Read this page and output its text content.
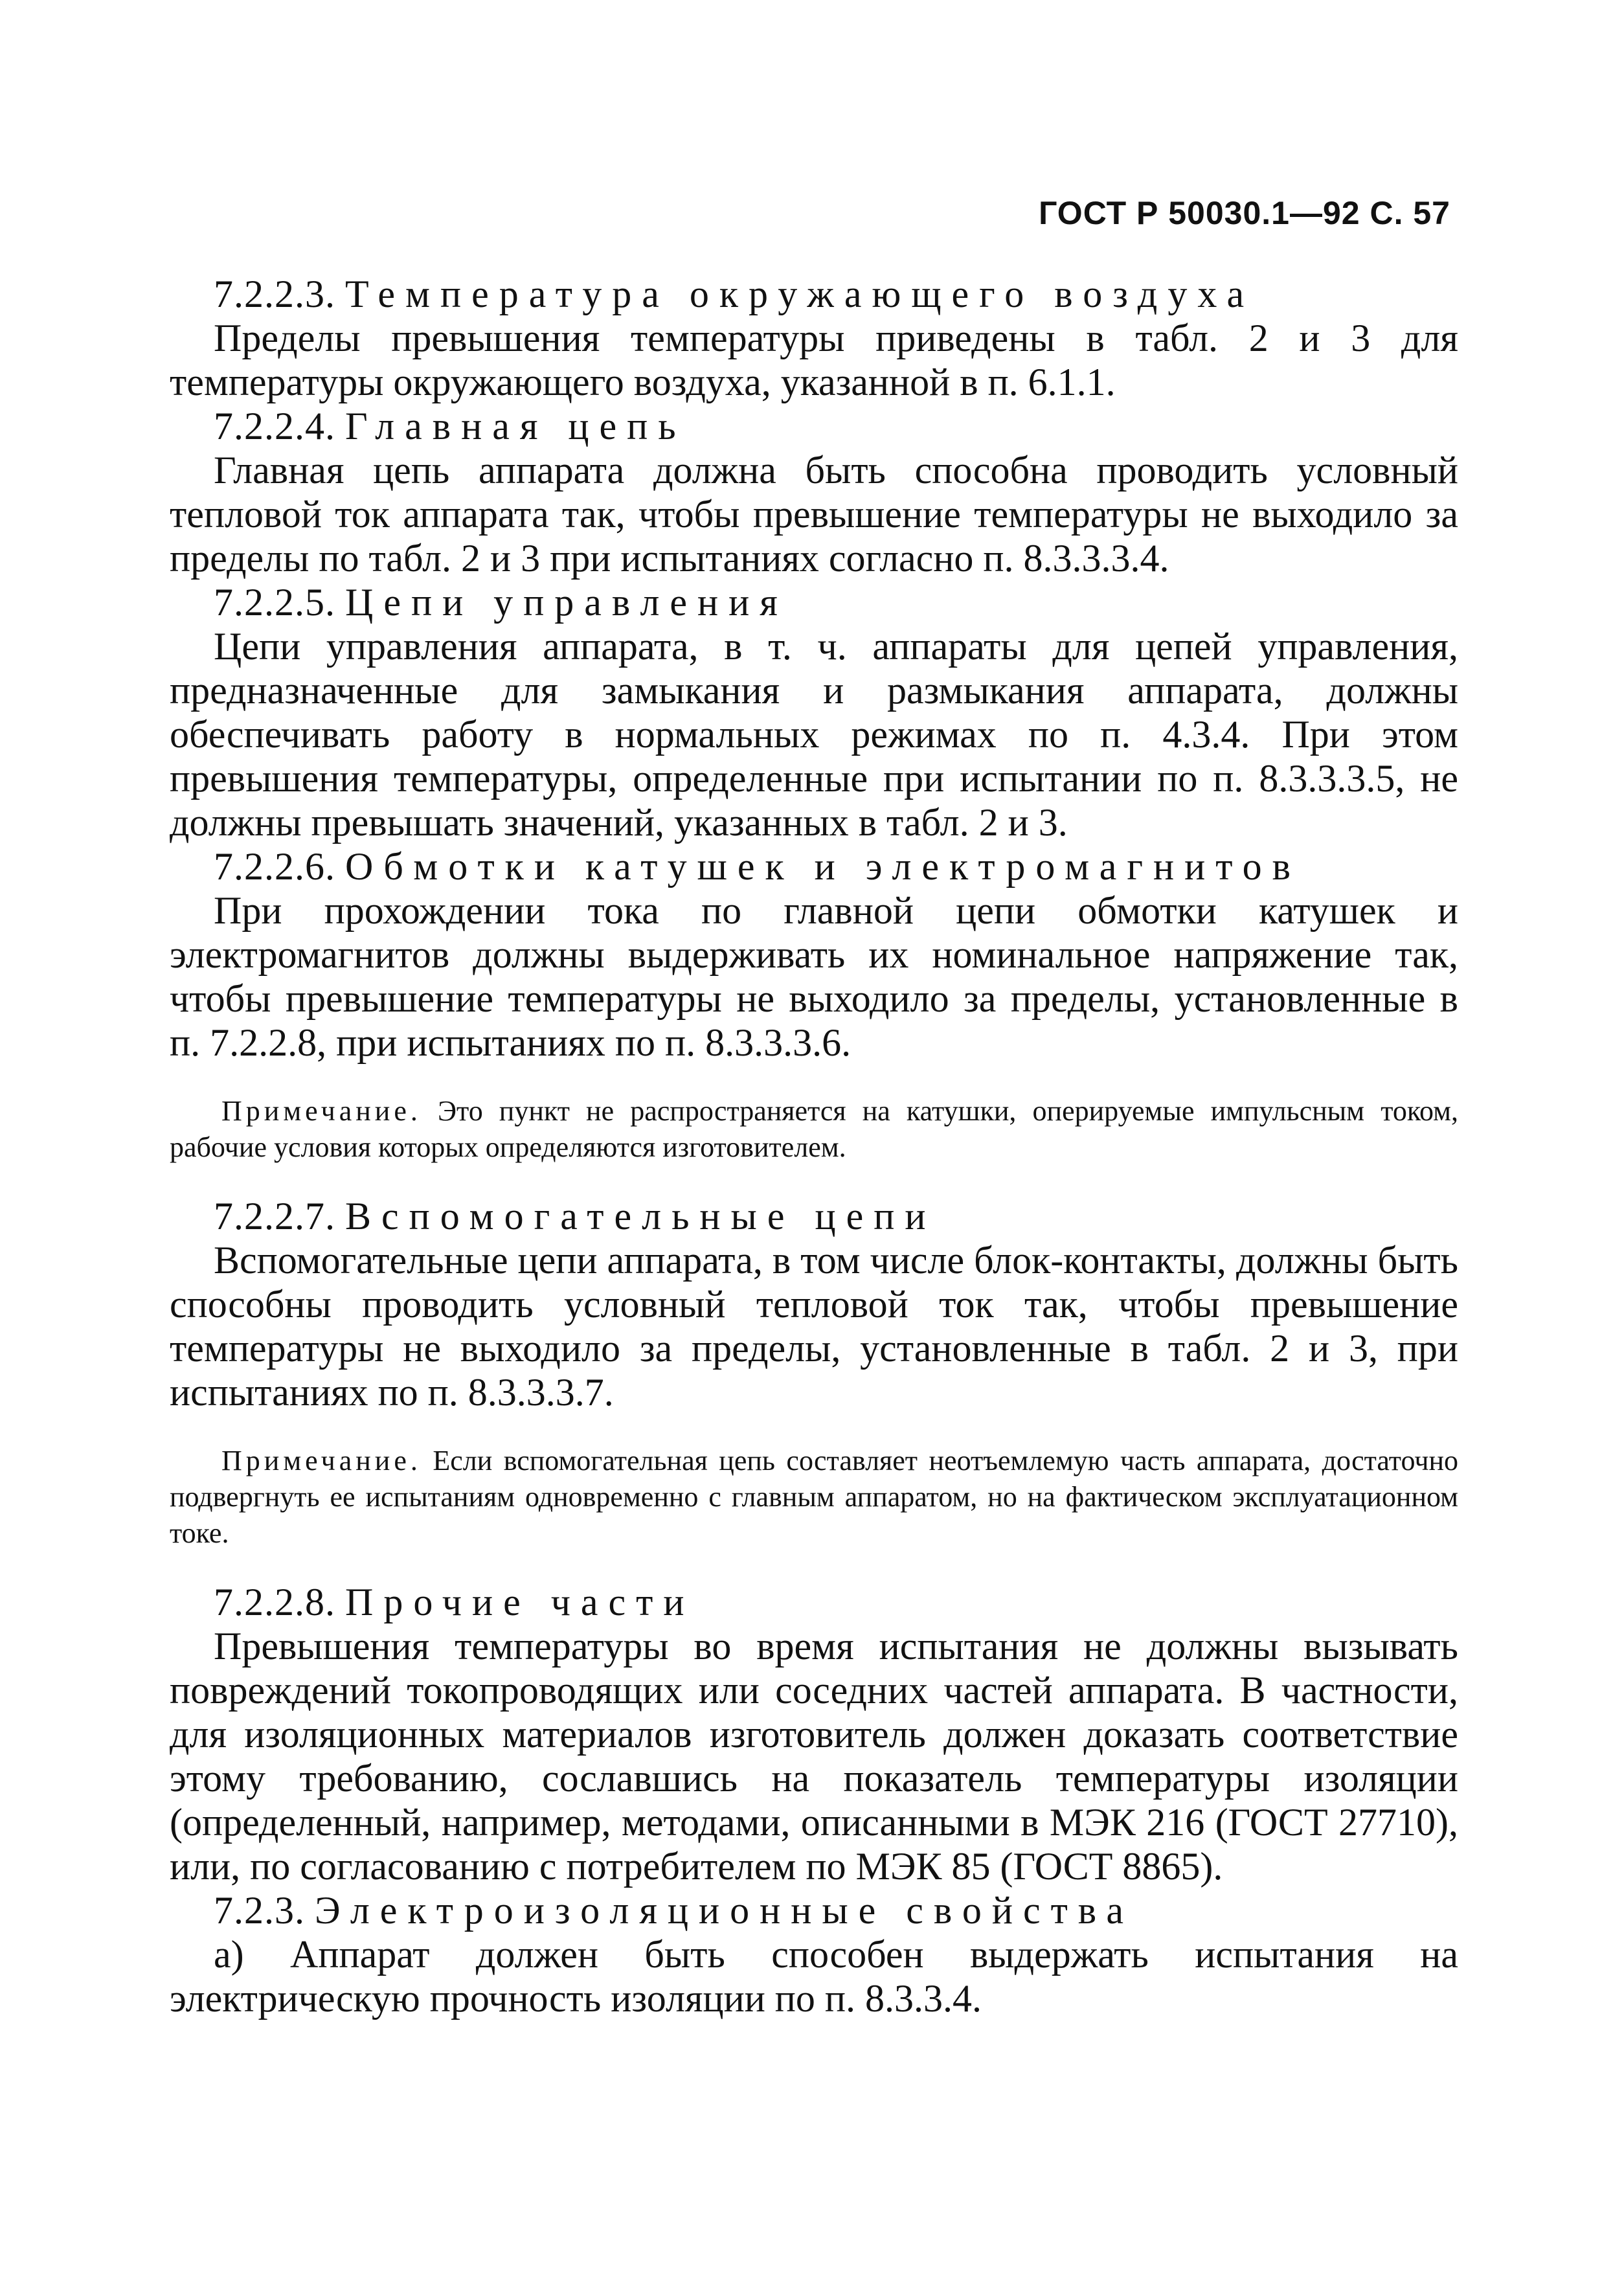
ГОСТ Р 50030.1—92 С. 57
7.2.2.3. Температура окружающего воздуха

Пределы превышения температуры приведены в табл. 2 и 3 для температуры окружающего воздуха, указанной в п. 6.1.1.

7.2.2.4. Главная цепь

Главная цепь аппарата должна быть способна проводить условный тепловой ток аппарата так, чтобы превышение температуры не выходило за пределы по табл. 2 и 3 при испытаниях согласно п. 8.3.3.3.4.

7.2.2.5. Цепи управления

Цепи управления аппарата, в т. ч. аппараты для цепей управления, предназначенные для замыкания и размыкания аппарата, должны обеспечивать работу в нормальных режимах по п. 4.3.4. При этом превышения температуры, определенные при испытании по п. 8.3.3.3.5, не должны превышать значений, указанных в табл. 2 и 3.

7.2.2.6. Обмотки катушек и электромагнитов

При прохождении тока по главной цепи обмотки катушек и электромагнитов должны выдерживать их номинальное напряжение так, чтобы превышение температуры не выходило за пределы, установленные в п. 7.2.2.8, при испытаниях по п. 8.3.3.3.6.

Примечание. Это пункт не распространяется на катушки, оперируемые импульсным током, рабочие условия которых определяются изготовителем.

7.2.2.7. Вспомогательные цепи

Вспомогательные цепи аппарата, в том числе блок-контакты, должны быть способны проводить условный тепловой ток так, чтобы превышение температуры не выходило за пределы, установленные в табл. 2 и 3, при испытаниях по п. 8.3.3.3.7.

Примечание. Если вспомогательная цепь составляет неотъемлемую часть аппарата, достаточно подвергнуть ее испытаниям одновременно с главным аппаратом, но на фактическом эксплуатационном токе.

7.2.2.8. Прочие части

Превышения температуры во время испытания не должны вызывать повреждений токопроводящих или соседних частей аппарата. В частности, для изоляционных материалов изготовитель должен доказать соответствие этому требованию, сославшись на показатель температуры изоляции (определенный, например, методами, описанными в МЭК 216 (ГОСТ 27710), или, по согласованию с потребителем по МЭК 85 (ГОСТ 8865).

7.2.3. Электроизоляционные свойства

а) Аппарат должен быть способен выдержать испытания на электрическую прочность изоляции по п. 8.3.3.4.
